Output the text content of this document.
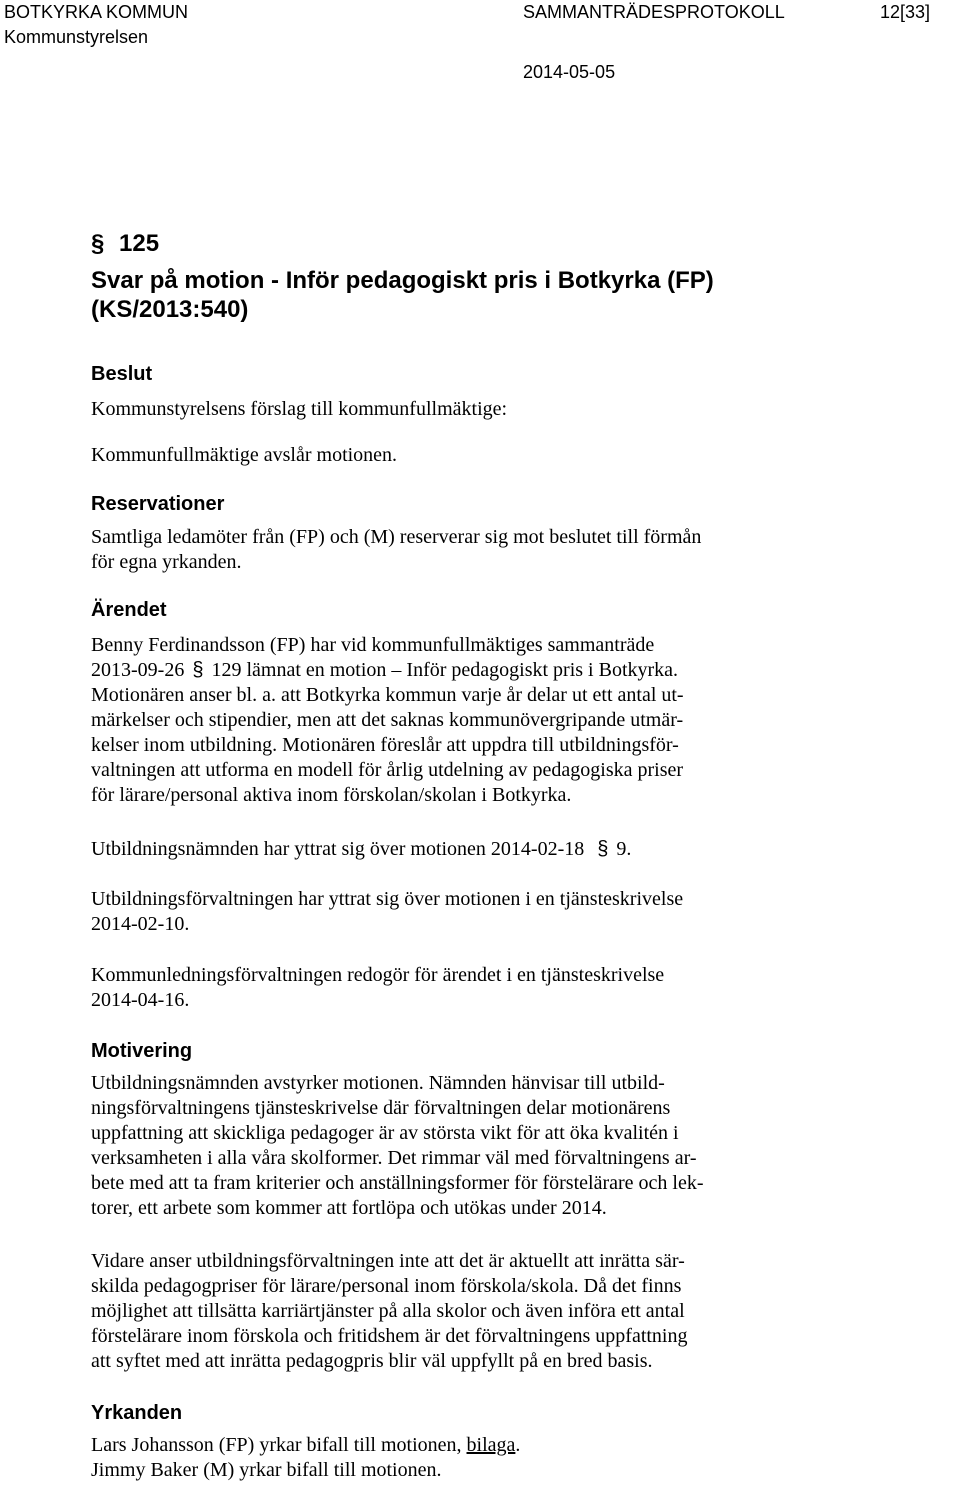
BOTKYRKA KOMMUN	SAMMANTRÄDESPROTOKOLL	12[33]
Kommunstyrelsen
2014-05-05
§ 125
Svar på motion - Inför pedagogiskt pris i Botkyrka (FP)
(KS/2013:540)
Beslut
Kommunstyrelsens förslag till kommunfullmäktige:
Kommunfullmäktige avslår motionen.
Reservationer
Samtliga ledamöter från (FP) och (M) reserverar sig mot beslutet till förmån
för egna yrkanden.
Ärendet
Benny Ferdinandsson (FP) har vid kommunfullmäktiges sammanträde
2013-09-26 § 129 lämnat en motion – Inför pedagogiskt pris i Botkyrka.
Motionären anser bl. a. att Botkyrka kommun varje år delar ut ett antal ut-
märkelser och stipendier, men att det saknas kommunövergripande utmär-
kelser inom utbildning. Motionären föreslår att uppdra till utbildningsför-
valtningen att utforma en modell för årlig utdelning av pedagogiska priser
för lärare/personal aktiva inom förskolan/skolan i Botkyrka.
Utbildningsnämnden har yttrat sig över motionen 2014-02-18 § 9.
Utbildningsförvaltningen har yttrat sig över motionen i en tjänsteskrivelse
2014-02-10.
Kommunledningsförvaltningen redogör för ärendet i en tjänsteskrivelse
2014-04-16.
Motivering
Utbildningsnämnden avstyrker motionen. Nämnden hänvisar till utbild-
ningsförvaltningens tjänsteskrivelse där förvaltningen delar motionärens
uppfattning att skickliga pedagoger är av största vikt för att öka kvalitén i
verksamheten i alla våra skolformer. Det rimmar väl med förvaltningens ar-
bete med att ta fram kriterier och anställningsformer för förstelärare och lek-
torer, ett arbete som kommer att fortlöpa och utökas under 2014.
Vidare anser utbildningsförvaltningen inte att det är aktuellt att inrätta sär-
skilda pedagogpriser för lärare/personal inom förskola/skola. Då det finns
möjlighet att tillsätta karriärtjänster på alla skolor och även införa ett antal
förstelärare inom förskola och fritidshem är det förvaltningens uppfattning
att syftet med att inrätta pedagogpris blir väl uppfyllt på en bred basis.
Yrkanden
Lars Johansson (FP) yrkar bifall till motionen, bilaga.
Jimmy Baker (M) yrkar bifall till motionen.
